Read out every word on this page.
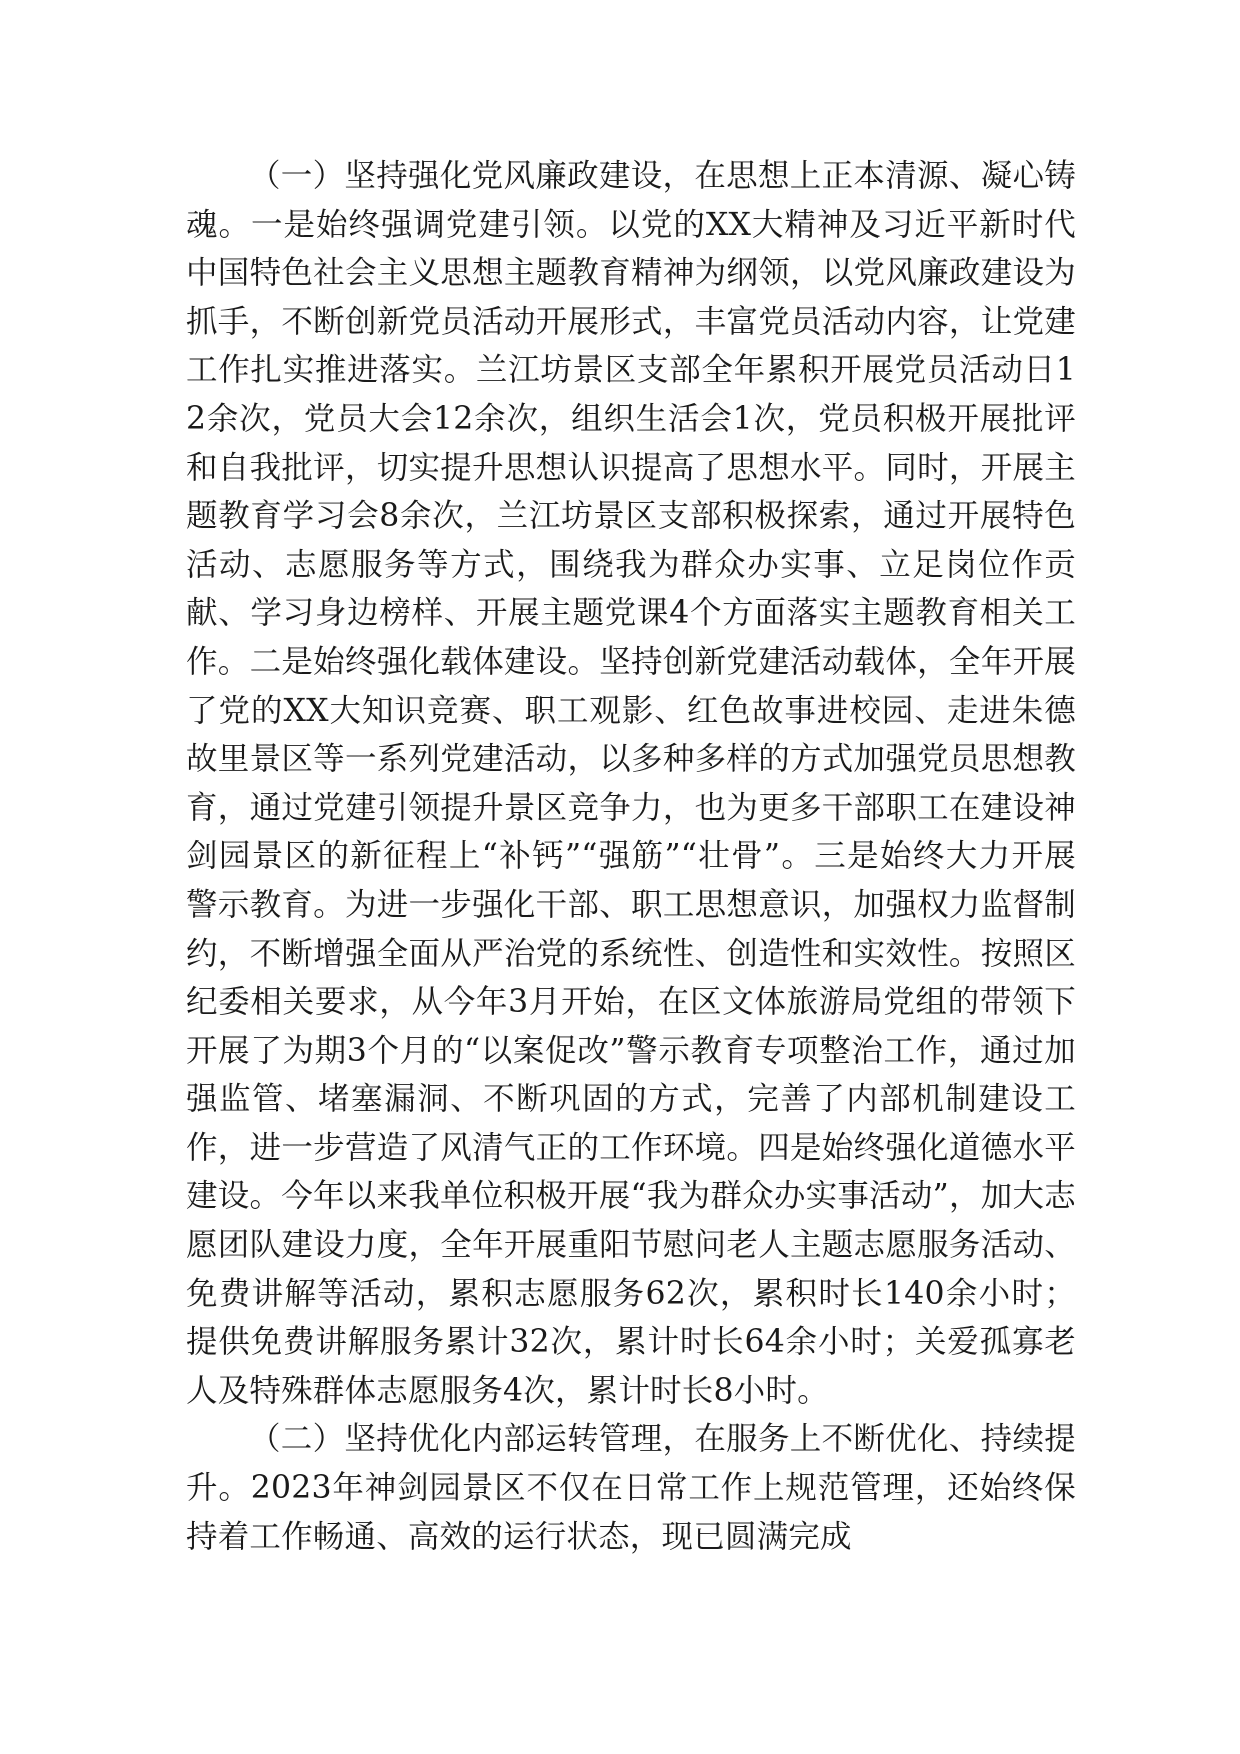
（一）坚持强化党风廉政建设，在思想上正本清源、凝心铸魂。一是始终强调党建引领。以党的XX大精神及习近平新时代中国特色社会主义思想主题教育精神为纲领，以党风廉政建设为抓手，不断创新党员活动开展形式，丰富党员活动内容，让党建工作扎实推进落实。兰江坊景区支部全年累积开展党员活动日12余次，党员大会12余次，组织生活会1次，党员积极开展批评和自我批评，切实提升思想认识提高了思想水平。同时，开展主题教育学习会8余次，兰江坊景区支部积极探索，通过开展特色活动、志愿服务等方式，围绕我为群众办实事、立足岗位作贡献、学习身边榜样、开展主题党课4个方面落实主题教育相关工作。二是始终强化载体建设。坚持创新党建活动载体，全年开展了党的XX大知识竞赛、职工观影、红色故事进校园、走进朱德故里景区等一系列党建活动，以多种多样的方式加强党员思想教育，通过党建引领提升景区竞争力，也为更多干部职工在建设神剑园景区的新征程上“补钙”“强筋”“壮骨”。三是始终大力开展警示教育。为进一步强化干部、职工思想意识，加强权力监督制约，不断增强全面从严治党的系统性、创造性和实效性。按照区纪委相关要求，从今年3月开始，在区文体旅游局党组的带领下开展了为期3个月的“以案促改”警示教育专项整治工作，通过加强监管、堵塞漏洞、不断巩固的方式，完善了内部机制建设工作，进一步营造了风清气正的工作环境。四是始终强化道德水平建设。今年以来我单位积极开展“我为群众办实事活动”，加大志愿团队建设力度，全年开展重阳节慰问老人主题志愿服务活动、免费讲解等活动，累积志愿服务62次，累积时长140余小时；提供免费讲解服务累计32次，累计时长64余小时；关爱孤寡老人及特殊群体志愿服务4次，累计时长8小时。

（二）坚持优化内部运转管理，在服务上不断优化、持续提升。2023年神剑园景区不仅在日常工作上规范管理，还始终保持着工作畅通、高效的运行状态，现已圆满完成
